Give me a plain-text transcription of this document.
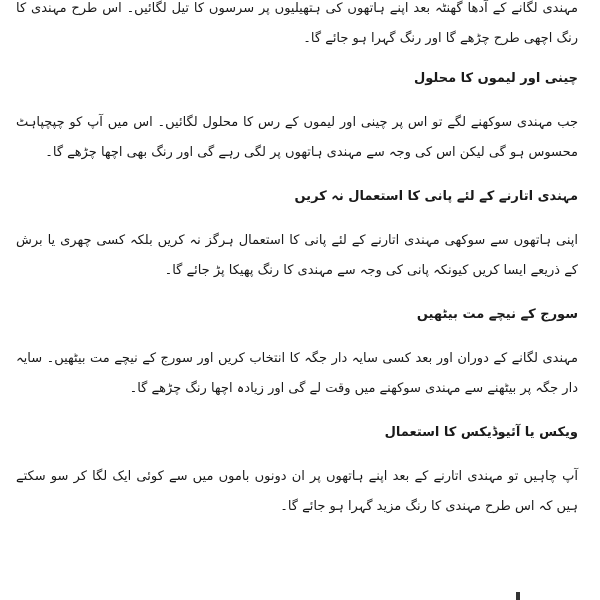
مہندی لگانے کے آدھا گھنٹہ بعد اپنے ہاتھوں کی ہتھیلیوں پر سرسوں کا تیل لگائیں۔ اس طرح مہندی کا رنگ اچھی طرح چڑھے گا اور رنگ گہرا ہو جائے گا۔

چینی اور لیموں کا محلول

جب مہندی سوکھنے لگے تو اس پر چینی اور لیموں کے رس کا محلول لگائیں۔ اس میں آپ کو چپچپاہٹ محسوس ہو گی لیکن اس کی وجہ سے مہندی ہاتھوں پر لگی رہے گی اور رنگ بھی اچھا چڑھے گا۔

مہندی اتارنے کے لئے پانی کا استعمال نہ کریں

اپنی ہاتھوں سے سوکھی مہندی اتارنے کے لئے پانی کا استعمال ہرگز نہ کریں بلکہ کسی چھری یا برش کے ذریعے ایسا کریں کیونکہ پانی کی وجہ سے مہندی کا رنگ پھیکا پڑ جائے گا۔

سورج کے نیچے مت بیٹھیں

مہندی لگانے کے دوران اور بعد کسی سایہ دار جگہ کا انتخاب کریں اور سورج کے نیچے مت بیٹھیں۔ سایہ دار جگہ پر بیٹھنے سے مہندی سوکھنے میں وقت لے گی اور زیادہ اچھا رنگ چڑھے گا۔

ویکس یا آئیوڈیکس کا استعمال

آپ چاہیں تو مہندی اتارنے کے بعد اپنے ہاتھوں پر ان دونوں باموں میں سے کوئی ایک لگا کر سو سکتے ہیں کہ اس طرح مہندی کا رنگ مزید گہرا ہو جائے گا۔
